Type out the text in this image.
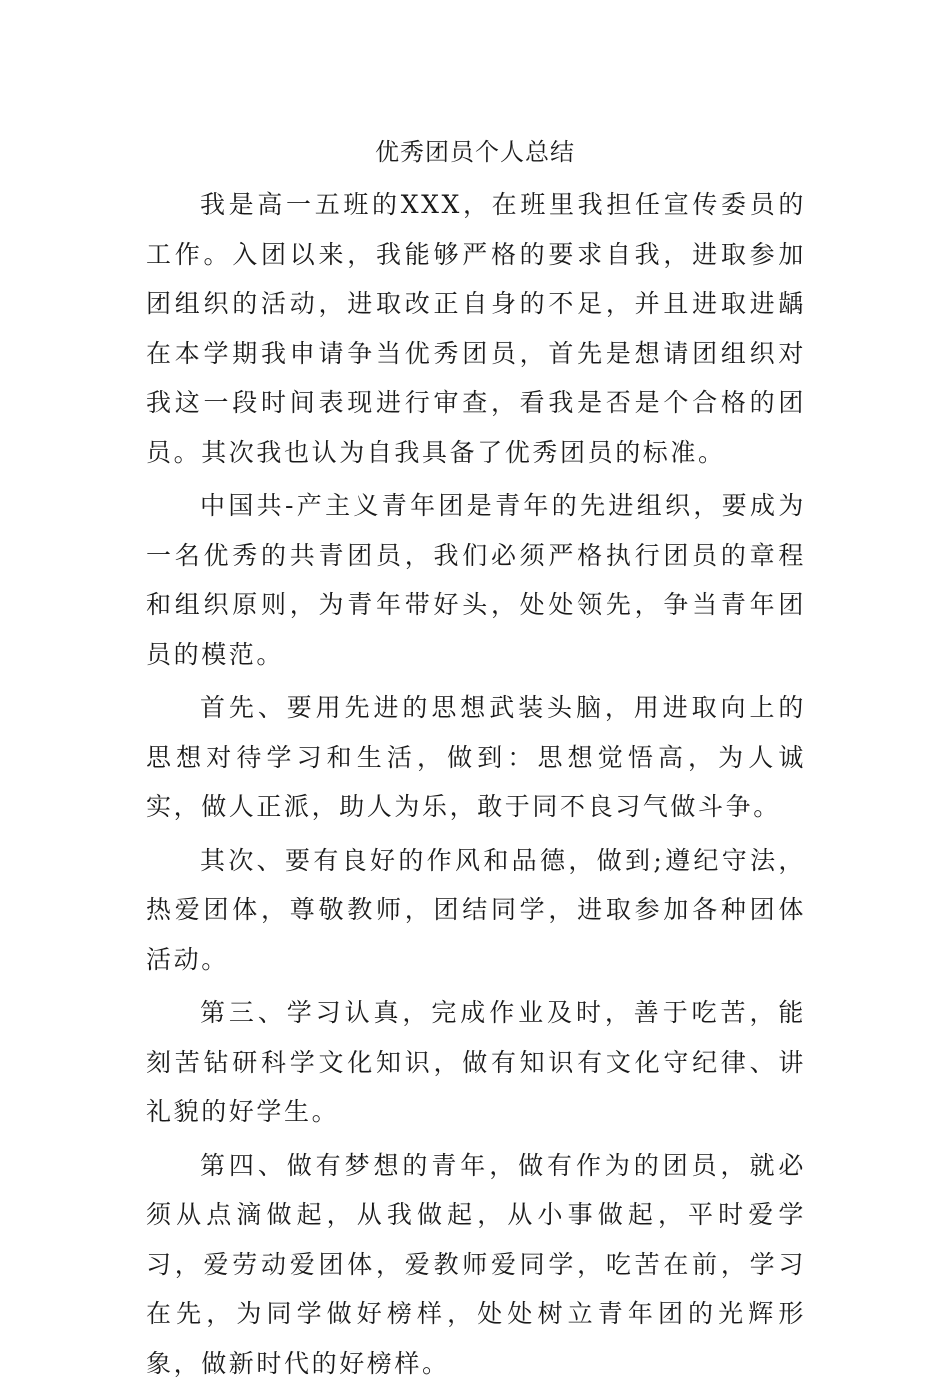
优秀团员个人总结

我是高一五班的XXX，在班里我担任宣传委员的工作。入团以来，我能够严格的要求自我，进取参加团组织的活动，进取改正自身的不足，并且进取进龋在本学期我申请争当优秀团员，首先是想请团组织对我这一段时间表现进行审查，看我是否是个合格的团员。其次我也认为自我具备了优秀团员的标准。

中国共-产主义青年团是青年的先进组织，要成为一名优秀的共青团员，我们必须严格执行团员的章程和组织原则，为青年带好头，处处领先，争当青年团员的模范。

首先、要用先进的思想武装头脑，用进取向上的思想对待学习和生活，做到：思想觉悟高，为人诚实，做人正派，助人为乐，敢于同不良习气做斗争。

其次、要有良好的作风和品德，做到;遵纪守法，热爱团体，尊敬教师，团结同学，进取参加各种团体活动。

第三、学习认真，完成作业及时，善于吃苦，能刻苦钻研科学文化知识，做有知识有文化守纪律、讲礼貌的好学生。

第四、做有梦想的青年，做有作为的团员，就必须从点滴做起，从我做起，从小事做起，平时爱学习，爱劳动爱团体，爱教师爱同学，吃苦在前，学习在先，为同学做好榜样，处处树立青年团的光辉形象，做新时代的好榜样。
